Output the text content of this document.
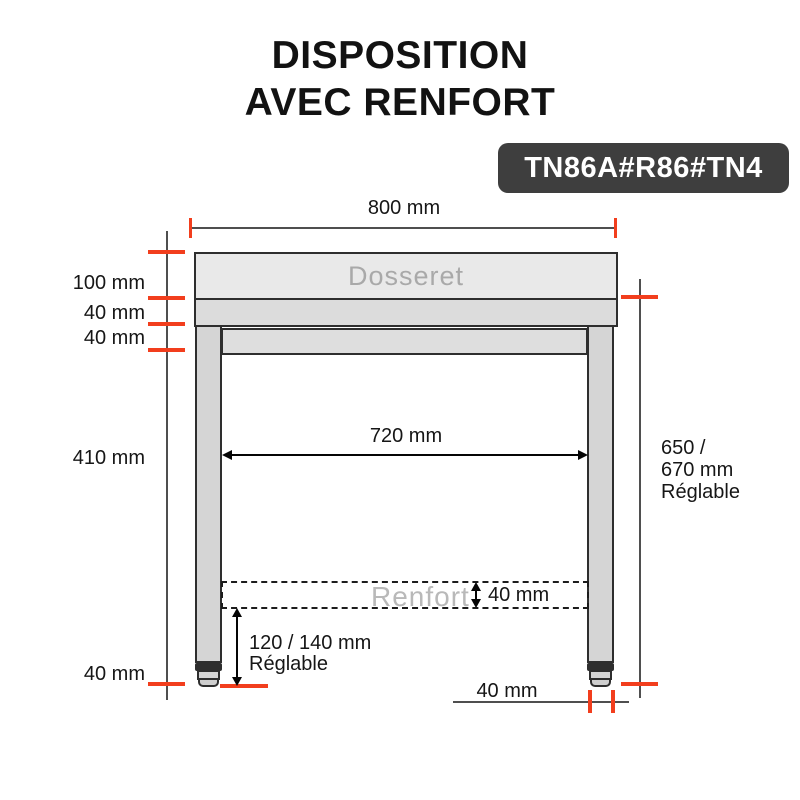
DISPOSITION
AVEC RENFORT
TN86A#R86#TN4
Dosseret
Renfort
800 mm
100 mm
40 mm
40 mm
410 mm
40 mm
650 /
670 mm
Réglable
720 mm
40 mm
120 / 140 mm
Réglable
40 mm
